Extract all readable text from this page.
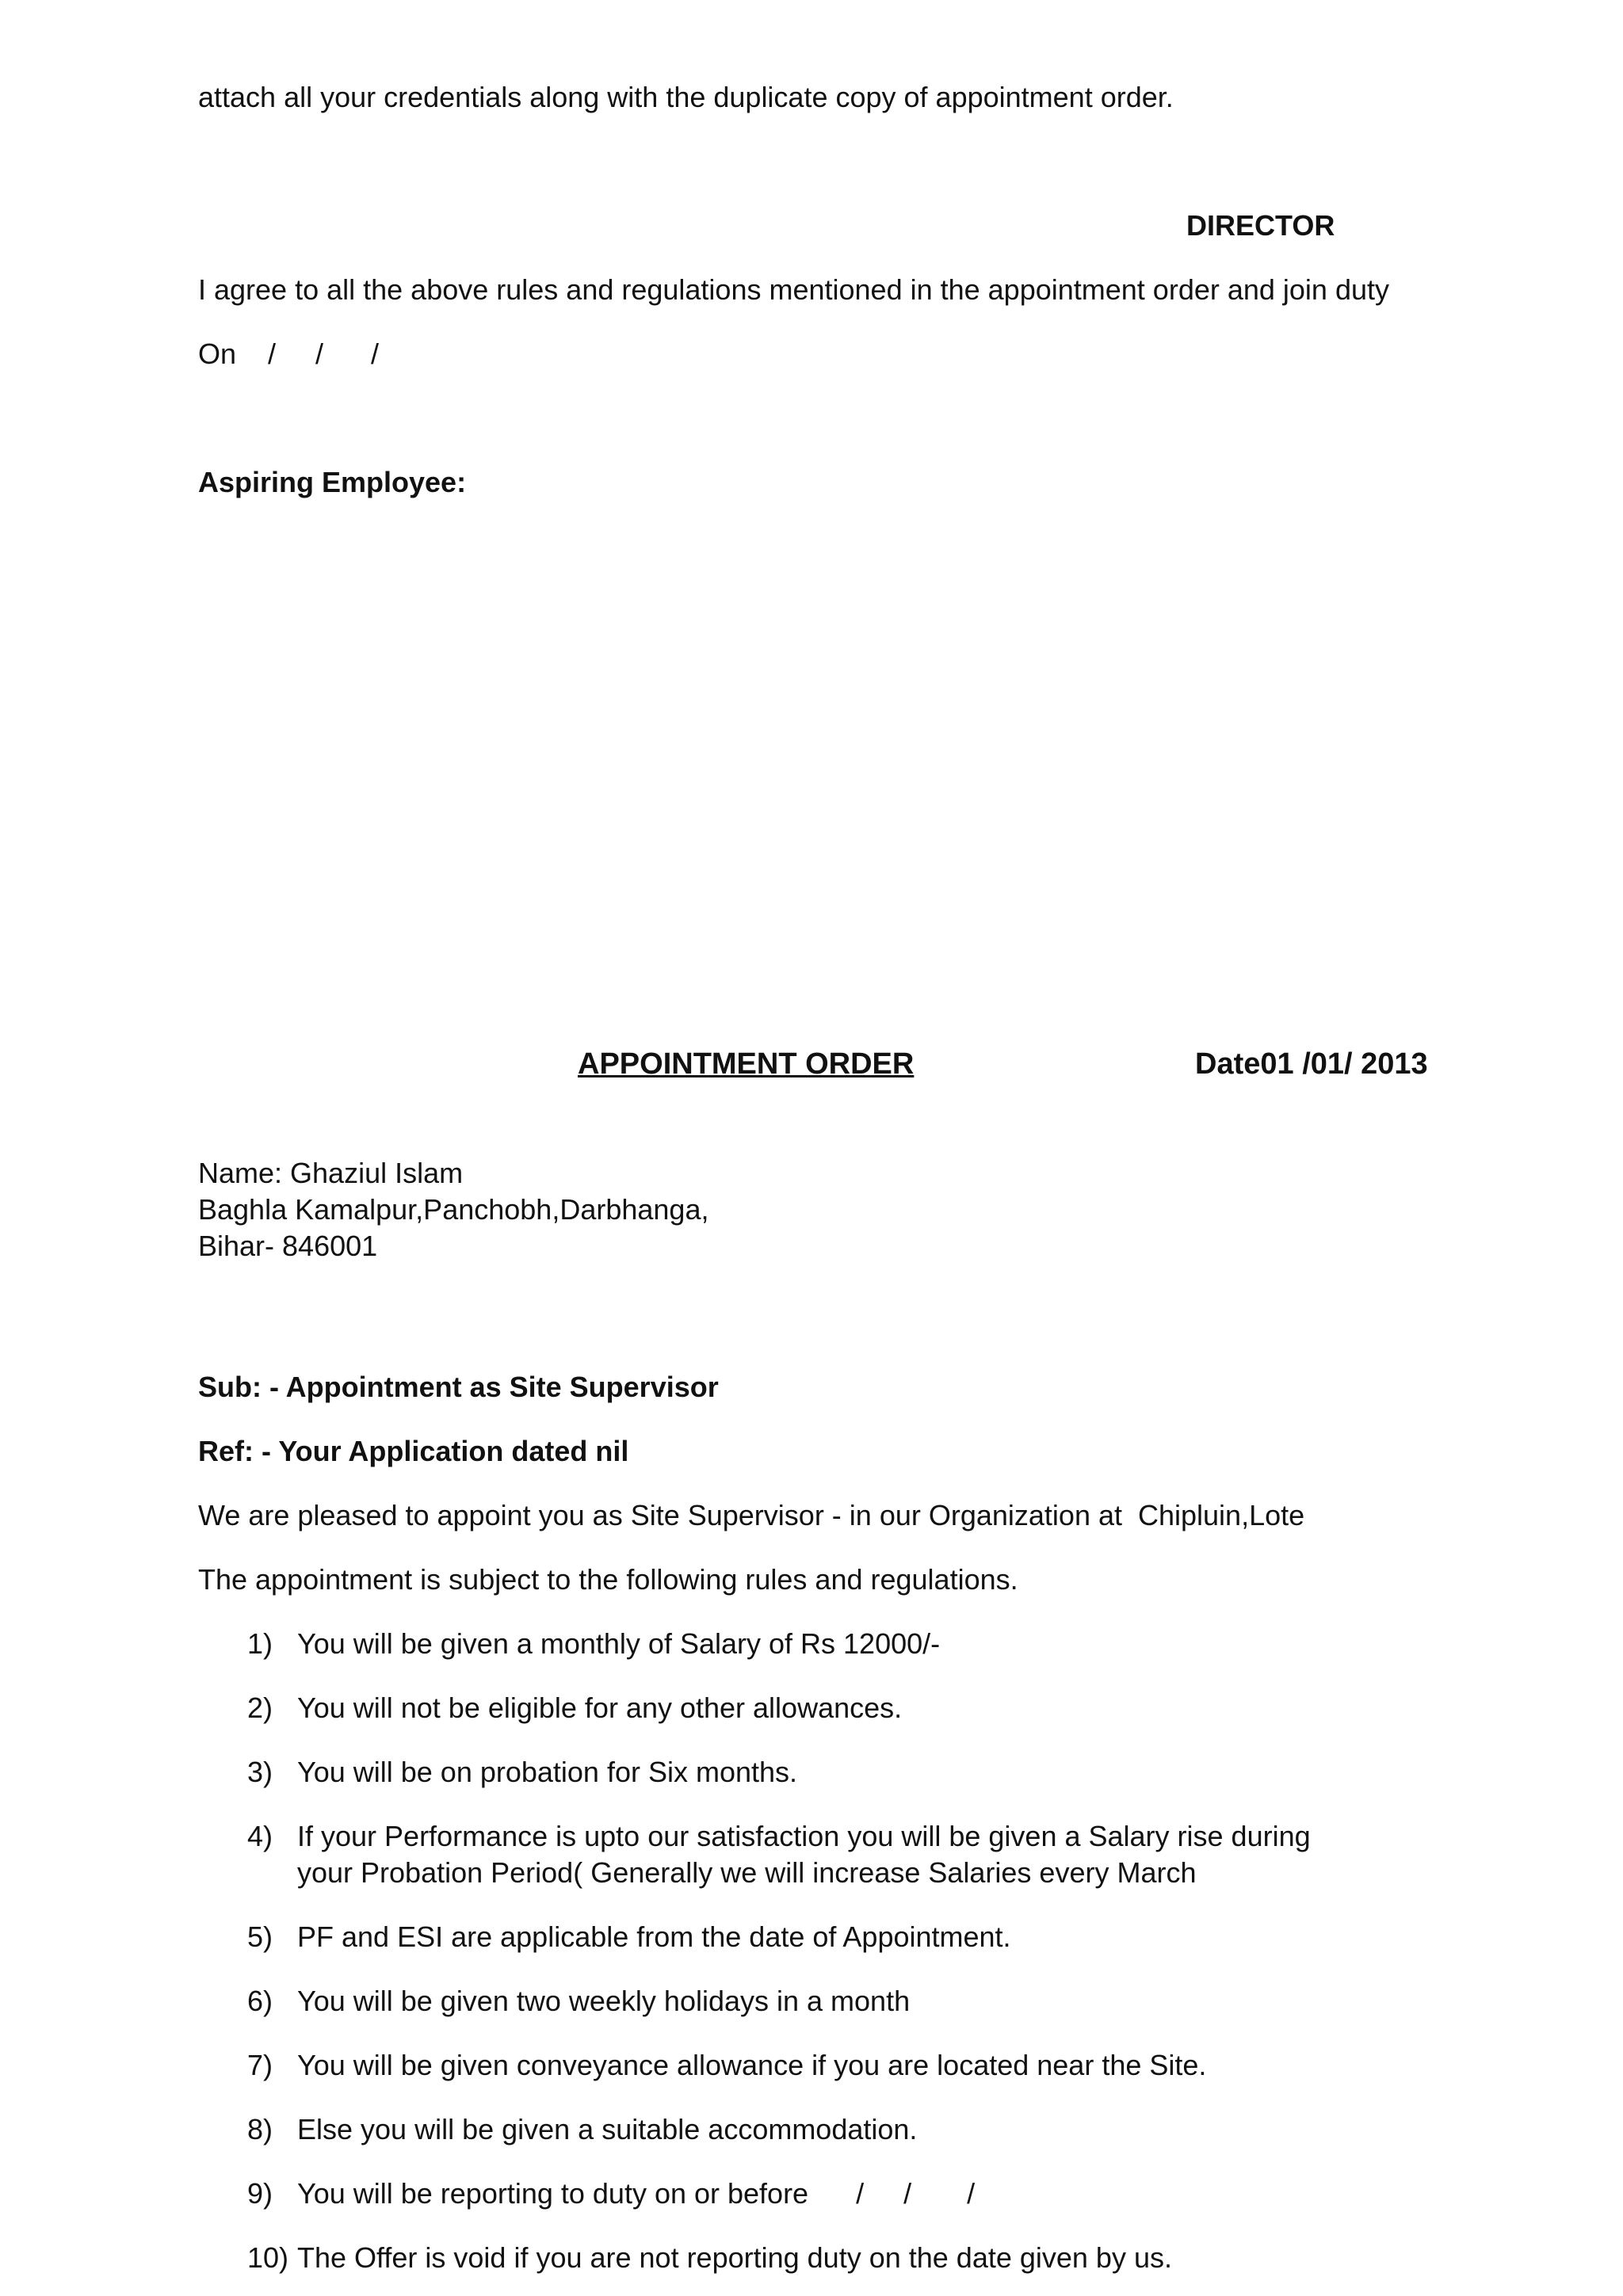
attach all your credentials along with the duplicate copy of appointment order.
DIRECTOR
I agree to all the above rules and regulations mentioned in the appointment order and join duty
On    /     /      /
Aspiring Employee:
APPOINTMENT ORDER	Date01 /01/ 2013
Name: Ghaziul Islam
Baghla Kamalpur,Panchobh,Darbhanga,
Bihar- 846001
Sub: - Appointment as Site Supervisor
Ref: - Your Application dated nil
We are pleased to appoint you as Site Supervisor - in our Organization at  Chipluin,Lote
The appointment is subject to the following rules and regulations.
1) You will be given a monthly of Salary of Rs 12000/-
2) You will not be eligible for any other allowances.
3) You will be on probation for Six months.
4) If your Performance is upto our satisfaction you will be given a Salary rise during your Probation Period( Generally we will increase Salaries every March
5) PF and ESI are applicable from the date of Appointment.
6) You will be given two weekly holidays in a month
7) You will be given conveyance allowance if you are located near the Site.
8) Else you will be given a suitable accommodation.
9) You will be reporting to duty on or before      /     /       /
10) The Offer is void if you are not reporting duty on the date given by us.
